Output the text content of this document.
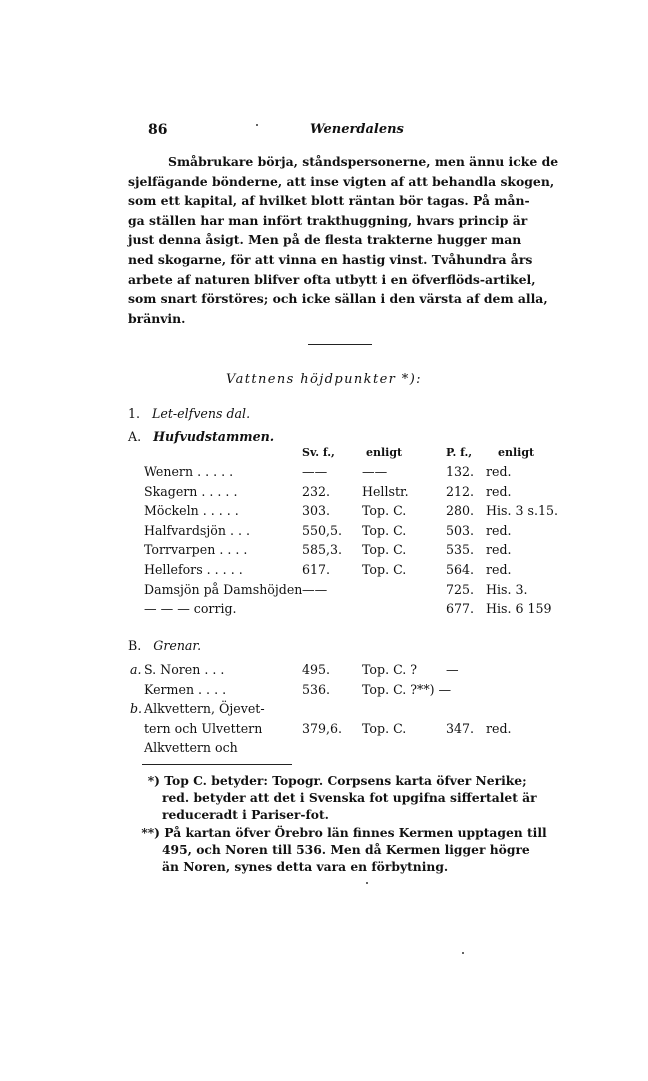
86	Wenerdalens
Småbrukare börja, ståndspersonerne, men ännu icke de
sjelfägande bönderne, att inse vigten af att behandla skogen,
som ett kapital, af hvilket blott räntan bör tagas. På mån-
ga ställen har man infört trakthuggning, hvars princip är
just denna åsigt. Men på de flesta trakterne hugger man
ned skogarne, för att vinna en hastig vinst. Tvåhundra års
arbete af naturen blifver ofta utbytt i en öfverflöds-artikel,
som snart förstöres; och icke sällan i den värsta af dem alla,
bränvin.
Vattnens höjdpunkter *):
1. Let-elfvens dal.
A. Hufvudstammen.
Sv. f.,	enligt	P. f., enligt
Wenern . . . . .	——	——	132. red.
Skagern . . . . .	232.	Hellstr.	212. red.
Möckeln . . . . .	303.	Top. C.	280. His. 3 s.15.
Halfvardsjön . . .	550,5. Top. C.	503. red.
Torrvarpen . . . .	585,3. Top. C.	535. red.
Hellefors . . . . .	617.	Top. C.	564. red.
Damsjön på Damshöjden ——	725. His. 3.
— — — corrig.	677. His. 6 159
B. Grenar.
a. S. Noren . . .	495.	Top. C. ? —
Kermen . . . .	536.	Top. C. ?**) —
b. Alkvettern, Öjevet-
tern och Ulvettern	379,6. Top. C.	347. red.
Alkvettern och
*) Top C. betyder: Topogr. Corpsens karta öfver Nerike;
red. betyder att det i Svenska fot upgifna siffertalet är
reduceradt i Pariser-fot.
**) På kartan öfver Örebro län finnes Kermen upptagen till
495, och Noren till 536. Men då Kermen ligger högre
än Noren, synes detta vara en förbytning.
